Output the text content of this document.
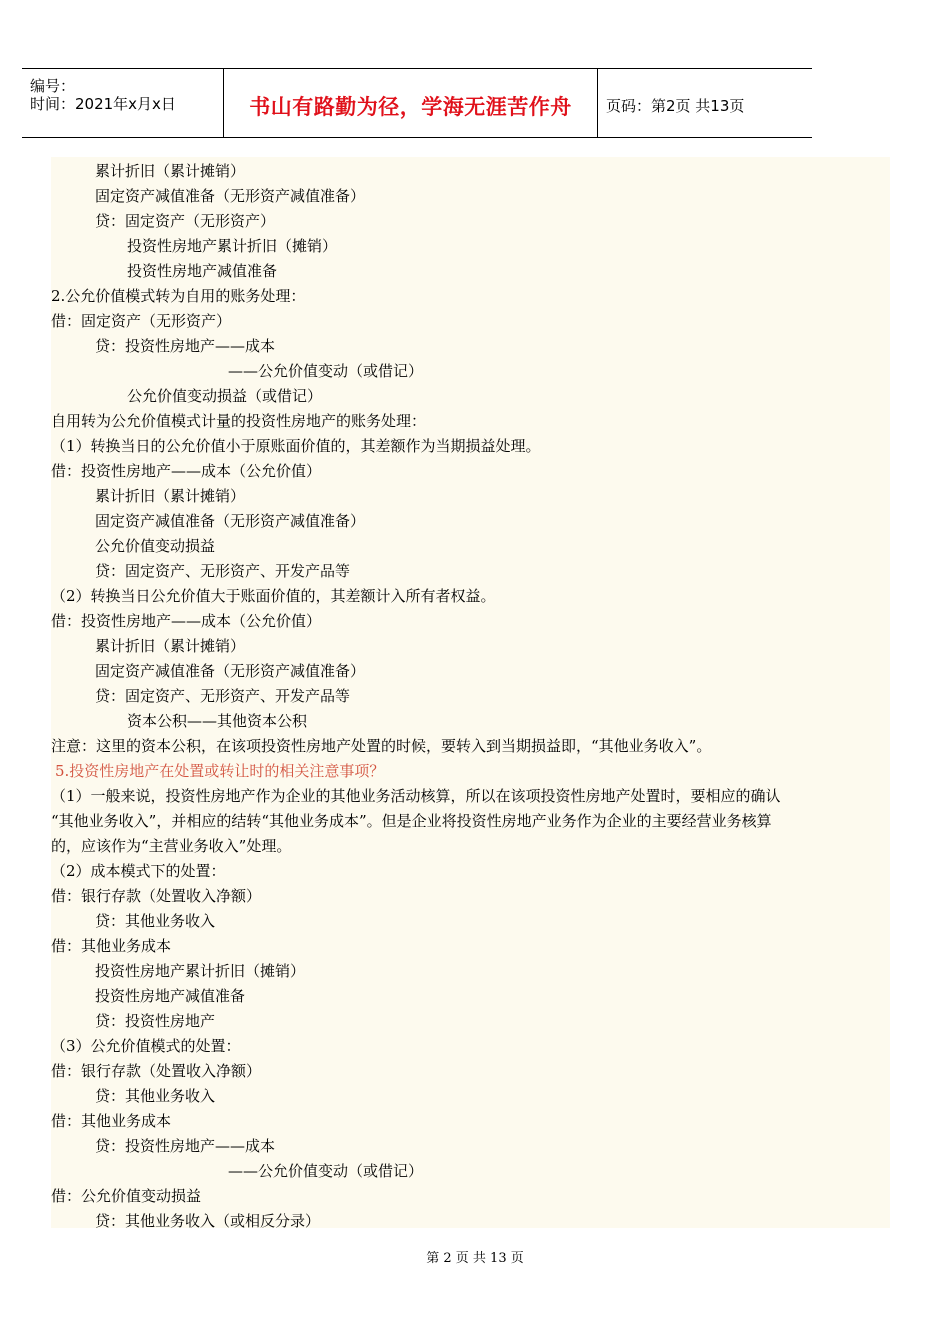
编号：
时间：2021年x月x日	书山有路勤为径，学海无涯苦作舟	页码：第2页 共13页
累计折旧（累计摊销）
固定资产减值准备（无形资产减值准备）
贷：固定资产（无形资产）
投资性房地产累计折旧（摊销）
投资性房地产减值准备
2.公允价值模式转为自用的账务处理：
借：固定资产（无形资产）
贷：投资性房地产——成本
——公允价值变动（或借记）
公允价值变动损益（或借记）
自用转为公允价值模式计量的投资性房地产的账务处理：
（1）转换当日的公允价值小于原账面价值的，其差额作为当期损益处理。
借：投资性房地产——成本（公允价值）
累计折旧（累计摊销）
固定资产减值准备（无形资产减值准备）
公允价值变动损益
贷：固定资产、无形资产、开发产品等
（2）转换当日公允价值大于账面价值的，其差额计入所有者权益。
借：投资性房地产——成本（公允价值）
累计折旧（累计摊销）
固定资产减值准备（无形资产减值准备）
贷：固定资产、无形资产、开发产品等
资本公积——其他资本公积
注意：这里的资本公积，在该项投资性房地产处置的时候，要转入到当期损益即，“其他业务收入”。
5.投资性房地产在处置或转让时的相关注意事项？
（1）一般来说，投资性房地产作为企业的其他业务活动核算，所以在该项投资性房地产处置时，要相应的确认
“其他业务收入”，并相应的结转“其他业务成本”。但是企业将投资性房地产业务作为企业的主要经营业务核算
的，应该作为“主营业务收入”处理。
（2）成本模式下的处置：
借：银行存款（处置收入净额）
贷：其他业务收入
借：其他业务成本
投资性房地产累计折旧（摊销）
投资性房地产减值准备
贷：投资性房地产
（3）公允价值模式的处置：
借：银行存款（处置收入净额）
贷：其他业务收入
借：其他业务成本
贷：投资性房地产——成本
——公允价值变动（或借记）
借：公允价值变动损益
贷：其他业务收入（或相反分录）
第 2 页 共 13 页
